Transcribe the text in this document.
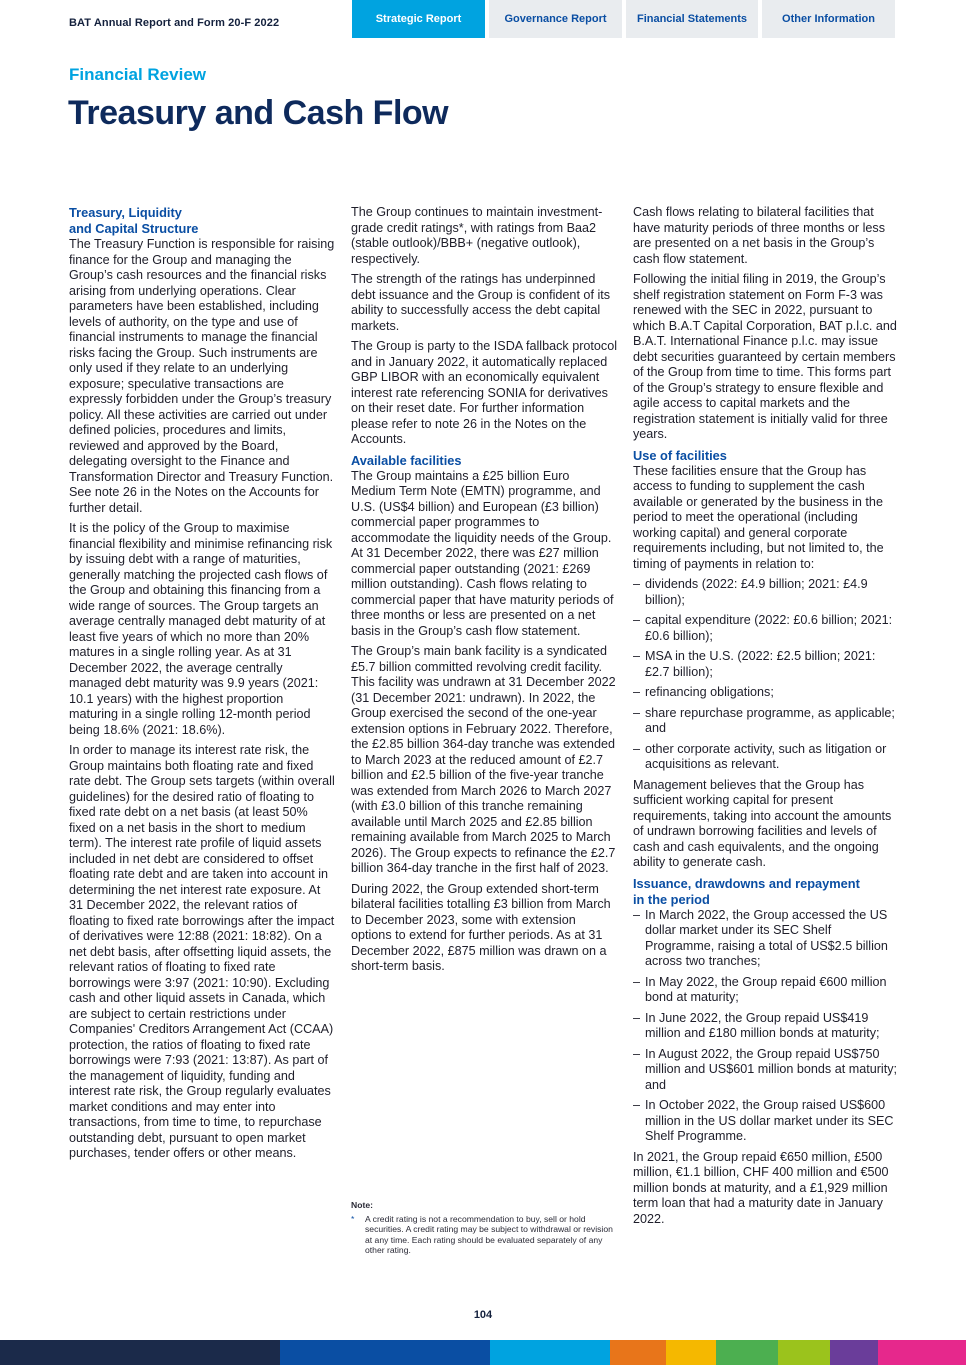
BAT Annual Report and Form 20-F 2022	Strategic Report	Governance Report	Financial Statements	Other Information
Financial Review
Treasury and Cash Flow
Treasury, Liquidity
and Capital Structure

The Treasury Function is responsible for raising finance for the Group and managing the Group’s cash resources and the financial risks arising from underlying operations. Clear parameters have been established, including levels of authority, on the type and use of financial instruments to manage the financial risks facing the Group. Such instruments are only used if they relate to an underlying exposure; speculative transactions are expressly forbidden under the Group’s treasury policy. All these activities are carried out under defined policies, procedures and limits, reviewed and approved by the Board, delegating oversight to the Finance and Transformation Director and Treasury Function. See note 26 in the Notes on the Accounts for further detail.

It is the policy of the Group to maximise financial flexibility and minimise refinancing risk by issuing debt with a range of maturities, generally matching the projected cash flows of the Group and obtaining this financing from a wide range of sources. The Group targets an average centrally managed debt maturity of at least five years of which no more than 20% matures in a single rolling year. As at 31 December 2022, the average centrally managed debt maturity was 9.9 years (2021: 10.1 years) with the highest proportion maturing in a single rolling 12-month period being 18.6% (2021: 18.6%).

In order to manage its interest rate risk, the Group maintains both floating rate and fixed rate debt. The Group sets targets (within overall guidelines) for the desired ratio of floating to fixed rate debt on a net basis (at least 50% fixed on a net basis in the short to medium term). The interest rate profile of liquid assets included in net debt are considered to offset floating rate debt and are taken into account in determining the net interest rate exposure. At 31 December 2022, the relevant ratios of floating to fixed rate borrowings after the impact of derivatives were 12:88 (2021: 18:82). On a net debt basis, after offsetting liquid assets, the relevant ratios of floating to fixed rate borrowings were 3:97 (2021: 10:90). Excluding cash and other liquid assets in Canada, which are subject to certain restrictions under Companies' Creditors Arrangement Act (CCAA) protection, the ratios of floating to fixed rate borrowings were 7:93 (2021: 13:87). As part of the management of liquidity, funding and interest rate risk, the Group regularly evaluates market conditions and may enter into transactions, from time to time, to repurchase outstanding debt, pursuant to open market purchases, tender offers or other means.

The Group continues to maintain investment-grade credit ratings*, with ratings from Baa2 (stable outlook)/BBB+ (negative outlook), respectively.

The strength of the ratings has underpinned debt issuance and the Group is confident of its ability to successfully access the debt capital markets.

The Group is party to the ISDA fallback protocol and in January 2022, it automatically replaced GBP LIBOR with an economically equivalent interest rate referencing SONIA for derivatives on their reset date. For further information please refer to note 26 in the Notes on the Accounts.

Available facilities

The Group maintains a £25 billion Euro Medium Term Note (EMTN) programme, and U.S. (US$4 billion) and European (£3 billion) commercial paper programmes to accommodate the liquidity needs of the Group. At 31 December 2022, there was £27 million commercial paper outstanding (2021: £269 million outstanding). Cash flows relating to commercial paper that have maturity periods of three months or less are presented on a net basis in the Group’s cash flow statement.

The Group’s main bank facility is a syndicated £5.7 billion committed revolving credit facility. This facility was undrawn at 31 December 2022 (31 December 2021: undrawn). In 2022, the Group exercised the second of the one-year extension options in February 2022. Therefore, the £2.85 billion 364-day tranche was extended to March 2023 at the reduced amount of £2.7 billion and £2.5 billion of the five-year tranche was extended from March 2026 to March 2027 (with £3.0 billion of this tranche remaining available until March 2025 and £2.85 billion remaining available from March 2025 to March 2026). The Group expects to refinance the £2.7 billion 364-day tranche in the first half of 2023.

During 2022, the Group extended short-term bilateral facilities totalling £3 billion from March to December 2023, some with extension options to extend for further periods. As at 31 December 2022, £875 million was drawn on a short-term basis.

Note:
*	A credit rating is not a recommendation to buy, sell or hold securities. A credit rating may be subject to withdrawal or revision at any time. Each rating should be evaluated separately of any other rating.

Cash flows relating to bilateral facilities that have maturity periods of three months or less are presented on a net basis in the Group’s cash flow statement.

Following the initial filing in 2019, the Group’s shelf registration statement on Form F-3 was renewed with the SEC in 2022, pursuant to which B.A.T Capital Corporation, BAT p.l.c. and B.A.T. International Finance p.l.c. may issue debt securities guaranteed by certain members of the Group from time to time. This forms part of the Group’s strategy to ensure flexible and agile access to capital markets and the registration statement is initially valid for three years.

Use of facilities

These facilities ensure that the Group has access to funding to supplement the cash available or generated by the business in the period to meet the operational (including working capital) and general corporate requirements including, but not limited to, the timing of payments in relation to:

– dividends (2022: £4.9 billion; 2021: £4.9 billion);
– capital expenditure (2022: £0.6 billion; 2021: £0.6 billion);
– MSA in the U.S. (2022: £2.5 billion; 2021: £2.7 billion);
– refinancing obligations;
– share repurchase programme, as applicable; and
– other corporate activity, such as litigation or acquisitions as relevant.

Management believes that the Group has sufficient working capital for present requirements, taking into account the amounts of undrawn borrowing facilities and levels of cash and cash equivalents, and the ongoing ability to generate cash.

Issuance, drawdowns and repayment
in the period
– In March 2022, the Group accessed the US dollar market under its SEC Shelf Programme, raising a total of US$2.5 billion across two tranches;
– In May 2022, the Group repaid €600 million bond at maturity;
– In June 2022, the Group repaid US$419 million and £180 million bonds at maturity;
– In August 2022, the Group repaid US$750 million and US$601 million bonds at maturity; and
– In October 2022, the Group raised US$600 million in the US dollar market under its SEC Shelf Programme.

In 2021, the Group repaid €650 million, £500 million, €1.1 billion, CHF 400 million and €500 million bonds at maturity, and a £1,929 million term loan that had a maturity date in January 2022.

104
